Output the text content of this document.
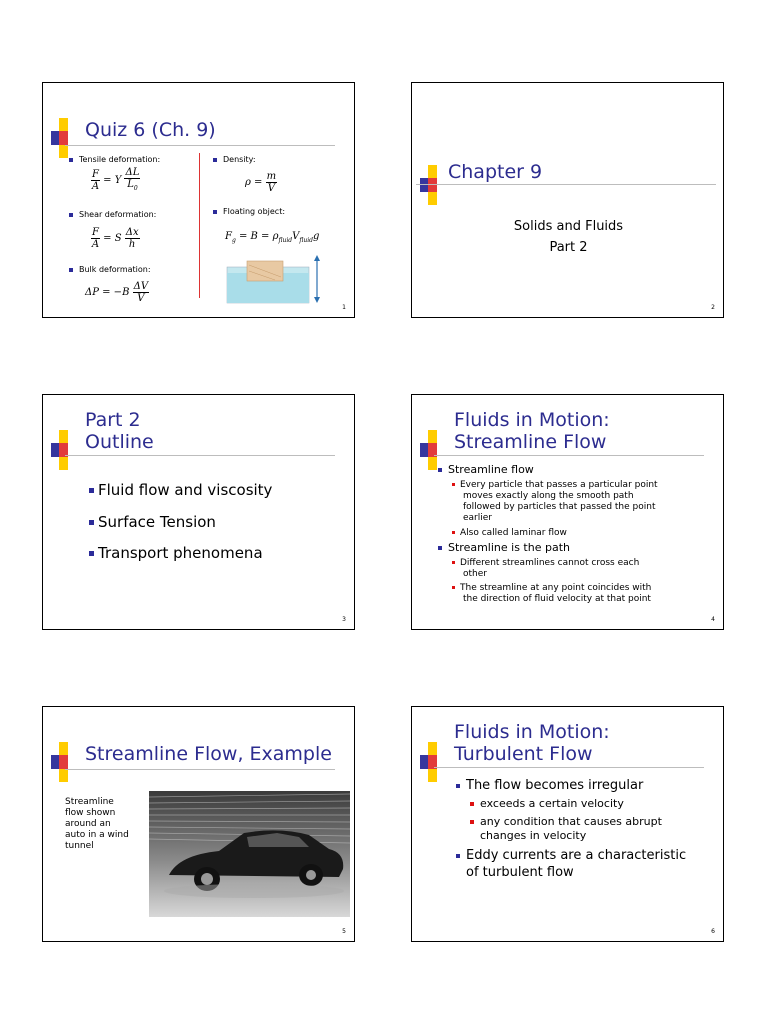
Quiz 6 (Ch. 9)
Tensile deformation:
$\frac{F}{A} = Y \frac{\Delta L}{L_0}$
Shear deformation:
$\frac{F}{A} = S \frac{\Delta x}{h}$
Bulk deformation:
$\Delta P = -B \frac{\Delta V}{V}$
Density:
$\rho = \frac{m}{V}$
Floating object:
$F_g = B = \rho_{fluid}V_{fluid}g$
1
Chapter 9
Solids and Fluids
Part 2
2
Part 2
Outline
Fluid flow and viscosity
Surface Tension
Transport phenomena
3
Fluids in Motion:
Streamline Flow
Streamline flow
Every particle that passes a particular point
moves exactly along the smooth path
followed by particles that passed the point
earlier
Also called laminar flow
Streamline is the path
Different streamlines cannot cross each
other
The streamline at any point coincides with
the direction of fluid velocity at that point
4
Streamline Flow, Example
Streamline
flow shown
around an
auto in a wind
tunnel
5
Fluids in Motion:
Turbulent Flow
The flow becomes irregular
exceeds a certain velocity
any condition that causes abrupt
changes in velocity
Eddy currents are a characteristic
of turbulent flow
6
